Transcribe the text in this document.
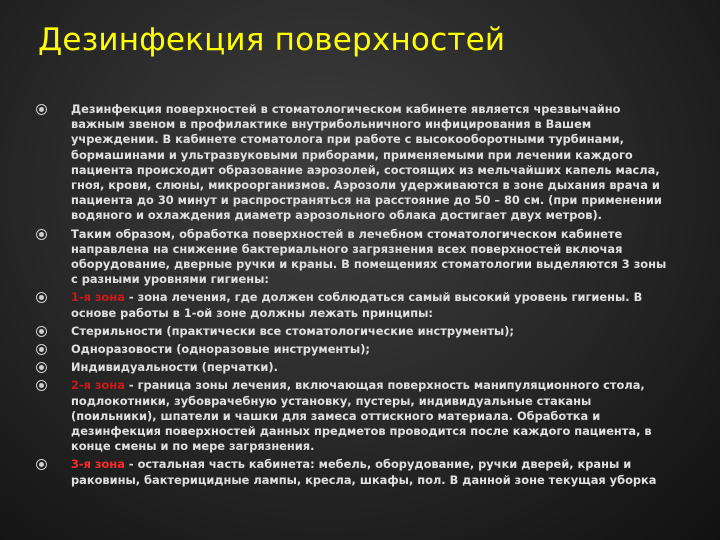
Дезинфекция поверхностей
Дезинфекция поверхностей в стоматологическом кабинете является чрезвычайно важным звеном в профилактике внутрибольничного инфицирования в Вашем учреждении. В кабинете стоматолога при работе с высокооборотными турбинами, бормашинами и ультразвуковыми приборами, применяемыми при лечении каждого пациента происходит образование аэрозолей, состоящих из мельчайших капель масла, гноя, крови, слюны, микроорганизмов. Аэрозоли удерживаются в зоне дыхания врача и пациента до 30 минут и распространяться на расстояние до 50 – 80 см. (при применении водяного и охлаждения диаметр аэрозольного облака достигает двух метров).
Таким образом, обработка поверхностей в лечебном стоматологическом кабинете направлена на снижение бактериального загрязнения всех поверхностей включая оборудование, дверные ручки и краны. В помещениях стоматологии выделяются 3 зоны с разными уровнями гигиены:
1-я зона - зона лечения, где должен соблюдаться самый высокий уровень гигиены. В основе работы в 1-ой зоне должны лежать принципы:
Стерильности (практически все стоматологические инструменты);
Одноразовости (одноразовые инструменты);
Индивидуальности (перчатки).
2-я зона - граница зоны лечения, включающая поверхность манипуляционного стола, подлокотники, зубоврачебную установку, пустеры, индивидуальные стаканы (поильники), шпатели и чашки для замеса оттискного материала. Обработка и дезинфекция поверхностей данных предметов проводится после каждого пациента, в конце смены и по мере загрязнения.
3-я зона - остальная часть кабинета: мебель, оборудование, ручки дверей, краны и раковины, бактерицидные лампы, кресла, шкафы, пол. В данной зоне текущая уборка
